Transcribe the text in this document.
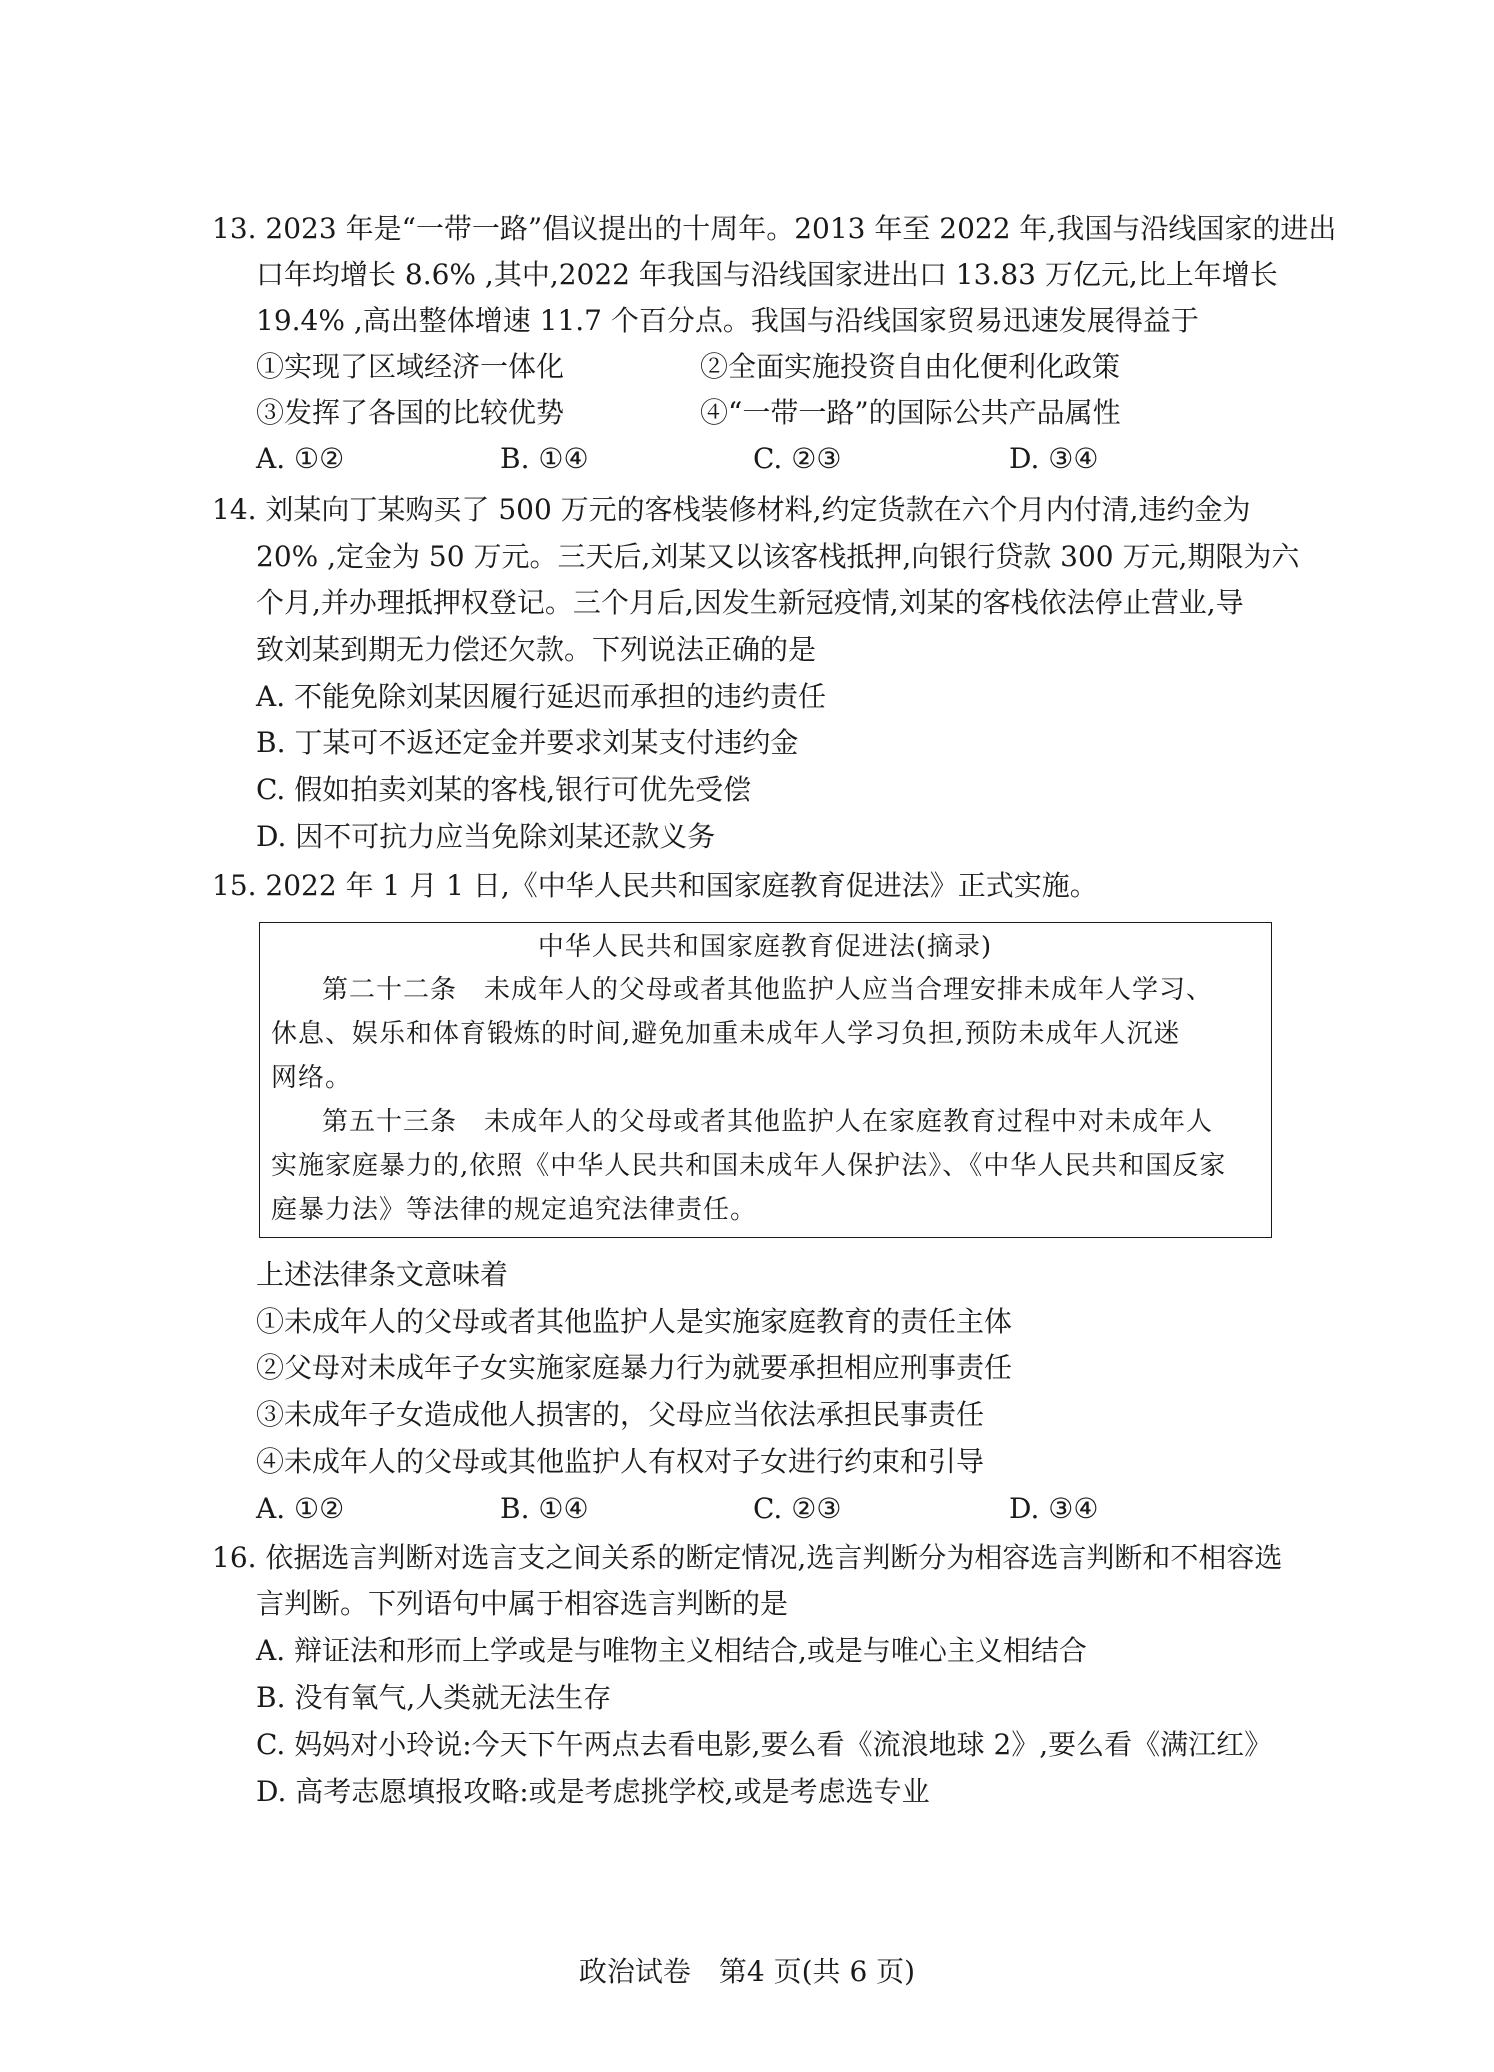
13. 2023 年是“一带一路”倡议提出的十周年。2013 年至 2022 年,我国与沿线国家的进出
口年均增长 8.6% ,其中,2022 年我国与沿线国家进出口 13.83 万亿元,比上年增长
19.4% ,高出整体增速 11.7 个百分点。我国与沿线国家贸易迅速发展得益于
①实现了区域经济一体化	②全面实施投资自由化便利化政策
③发挥了各国的比较优势	④“一带一路”的国际公共产品属性
A. ①②	B. ①④	C. ②③	D. ③④
14. 刘某向丁某购买了 500 万元的客栈装修材料,约定货款在六个月内付清,违约金为
20% ,定金为 50 万元。三天后,刘某又以该客栈抵押,向银行贷款 300 万元,期限为六
个月,并办理抵押权登记。三个月后,因发生新冠疫情,刘某的客栈依法停止营业,导
致刘某到期无力偿还欠款。下列说法正确的是
A. 不能免除刘某因履行延迟而承担的违约责任
B. 丁某可不返还定金并要求刘某支付违约金
C. 假如拍卖刘某的客栈,银行可优先受偿
D. 因不可抗力应当免除刘某还款义务
15. 2022 年 1 月 1 日,《中华人民共和国家庭教育促进法》正式实施。
中华人民共和国家庭教育促进法(摘录)
第二十二条　未成年人的父母或者其他监护人应当合理安排未成年人学习、
休息、娱乐和体育锻炼的时间,避免加重未成年人学习负担,预防未成年人沉迷
网络。
第五十三条　未成年人的父母或者其他监护人在家庭教育过程中对未成年人
实施家庭暴力的,依照《中华人民共和国未成年人保护法》、《中华人民共和国反家
庭暴力法》等法律的规定追究法律责任。
上述法律条文意味着
①未成年人的父母或者其他监护人是实施家庭教育的责任主体
②父母对未成年子女实施家庭暴力行为就要承担相应刑事责任
③未成年子女造成他人损害的，父母应当依法承担民事责任
④未成年人的父母或其他监护人有权对子女进行约束和引导
A. ①②	B. ①④	C. ②③	D. ③④
16. 依据选言判断对选言支之间关系的断定情况,选言判断分为相容选言判断和不相容选
言判断。下列语句中属于相容选言判断的是
A. 辩证法和形而上学或是与唯物主义相结合,或是与唯心主义相结合
B. 没有氧气,人类就无法生存
C. 妈妈对小玲说:今天下午两点去看电影,要么看《流浪地球 2》,要么看《满江红》
D. 高考志愿填报攻略:或是考虑挑学校,或是考虑选专业
政治试卷　第4 页(共 6 页)
